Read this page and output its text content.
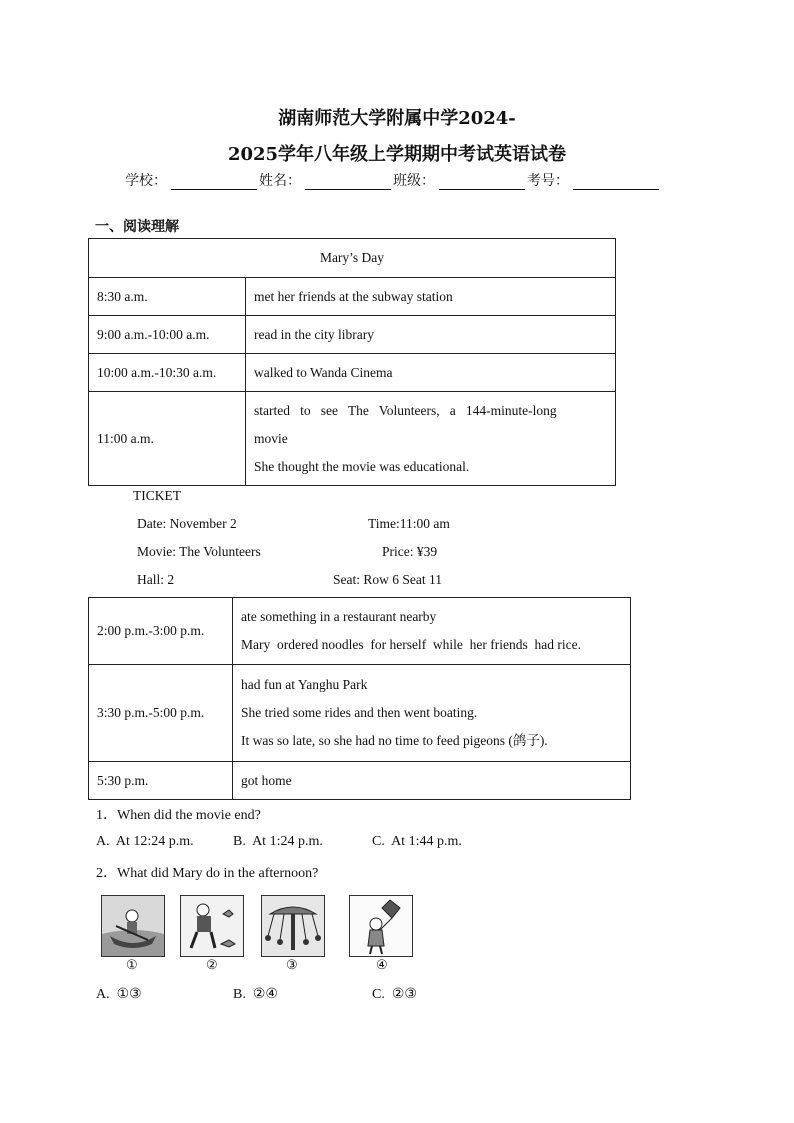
湖南师范大学附属中学2024-
2025学年八年级上学期期中考试英语试卷
学校：	姓名：	班级：	考号：
一、阅读理解
Mary’s Day	
8:30 a.m.	met her friends at the subway station

9:00 a.m.-10:00 a.m.	read in the city library

10:00 a.m.-10:30 a.m.	walked to Wanda Cinema

11:00 a.m.	started   to   see   The   Volunteers,   a   144-minute-long
movie
She thought the movie was educational.
TICKET
Date: November 2	Time:11:00 am
Movie: The Volunteers	Price: ¥39
Hall: 2	Seat: Row 6 Seat 11
2:00 p.m.-3:00 p.m.	ate something in a restaurant nearby
Mary  ordered noodles  for herself  while  her friends  had rice.

3:30 p.m.-5:00 p.m.	had fun at Yanghu Park
She tried some rides and then went boating.
It was so late, so she had no time to feed pigeons (鸽子).

5:30 p.m.	got home
1．When did the movie end?
A.  At 12:24 p.m.	B.  At 1:24 p.m.	C.  At 1:44 p.m.
2．What did Mary do in the afternoon?
①	②	③	④
A.  ①③	B.  ②④	C.  ②③
